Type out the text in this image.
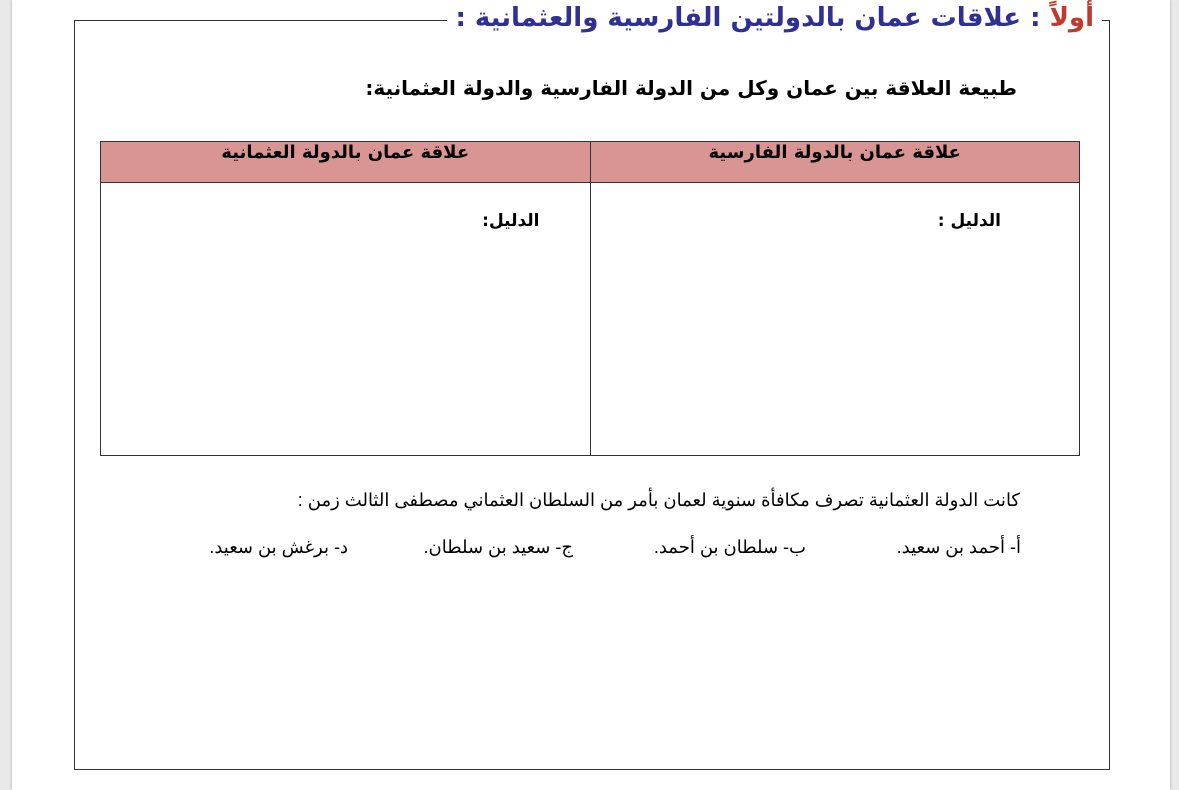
أولاً : علاقات عمان بالدولتين الفارسية والعثمانية :
طبيعة العلاقة بين عمان وكل من الدولة الفارسية والدولة العثمانية:
علاقة عمان بالدولة الفارسية	علاقة عمان بالدولة العثمانية

الدليل :	الدليل:
كانت الدولة العثمانية تصرف مكافأة سنوية لعمان بأمر من السلطان العثماني مصطفى الثالث زمن :
أ- أحمد بن سعيد.
ب- سلطان بن أحمد.
ج- سعيد بن سلطان.
د- برغش بن سعيد.
